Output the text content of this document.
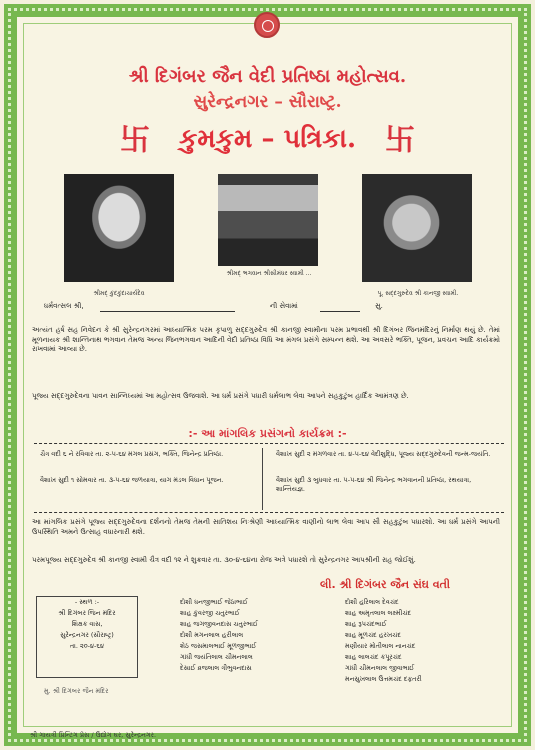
શ્રી દિગંબર જૈન વેદી પ્રતિષ્ઠા મહોત્સવ.
સુરેન્દ્રનગર – સૌરાષ્ટ્ર.
કુમકુમ – પત્રિકા.
卐	卐
શ્રીમદ્ કુંદકુંદાચાર્યદેવ
શ્રીમદ્ ભગવાન શ્રીસીમંધર સ્વામી ...
પૂ. સદ્દગુરુદેવ શ્રી કાનજી સ્વામી.
ધર્મવત્સલ શ્રી,	ની સેવામાં	સુ.
અત્યંત હર્ષ સહ નિવેદન કે શ્રી સુરેન્દ્રનગરમાં આધ્યાત્મિક પરમ કૃપાળુ સદ્દગુરુદેવ શ્રી કાનજી સ્વામીના પરમ પ્રભાવથી શ્રી દિગંબર જિનમંદિરનું નિર્માણ થયું છે. તેમાં મૂળનાયક શ્રી શાન્તિનાથ ભગવાન તેમજ અન્ય જિનભગવાન આદિની વેદી પ્રતિષ્ઠા વિધિ આ મંગલ પ્રસંગે સમ્પન્ન થશે. આ અવસરે ભક્તિ, પૂજન, પ્રવચન આદિ કાર્યક્રમો રાખવામાં આવ્યા છે.
પૂજ્ય સદ્દગુરુદેવના પાવન સાન્નિધ્યમાં આ મહોત્સવ ઉજવાશે. આ ધર્મ પ્રસંગે પધારી ધર્મલાભ લેવા આપને સહકુટુંબ હાર્દિક આમંત્રણ છે.
:- આ માંગલિક પ્રસંગનો કાર્યક્રમ :-
ચૈત્ર વદી ૬ ને રવિવાર તા. ૨-૫-૬૪ મંગલ પ્રસંગ, ભક્તિ, જિનેન્દ્ર પ્રતિષ્ઠા.
વૈશાખ સુદી ૧ સોમવાર તા. ૩-૫-૬૪ જળયાત્રા, યાગ મંડલ વિધાન પૂજન.
વૈશાખ સુદી ૨ મંગળવાર તા. ૪-૫-૬૪ વેદીશુદ્ધિ, પૂજ્ય સદ્દગુરુદેવની જન્મ-જયંતિ.
વૈશાખ સુદી ૩ બુધવાર તા. ૫-૫-૬૪ શ્રી જિનેન્દ્ર ભગવાનની પ્રતિષ્ઠા, રથયાત્રા, શાન્તિયજ્ઞ.
આ માંગલિક પ્રસંગે પૂજ્ય સદ્દગુરુદેવના દર્શનનો તેમજ તેમની સાતિશય નિઃશ્રેણી આધ્યાત્મિક વાણીનો લાભ લેવા આપ સૌ સહકુટુંબ પધારશો. આ ધર્મ પ્રસંગે આપની ઉપસ્થિતિ અમને ઉત્સાહ વધારનારી થશે.
પરમપૂજ્ય સદ્દગુરુદેવ શ્રી કાનજી સ્વામી ચૈત્ર વદી ૧૨ ને શુક્રવાર તા. ૩૦-૪-૬૪ના રોજ અત્રે પધારશે તો સુરેન્દ્રનગર આપશ્રીની રાહ જોઈશું.
લી. શ્રી દિગંબર જૈન સંઘ વતી
- સ્થળ :-
શ્રી દિગંબર જિન મંદિર
શિક્ષક વાસ,
સુરેન્દ્રનગર (સૌરાષ્ટ્ર)
તા. ૨૦-૪-૬૪
દોશી ધનજીભાઈ જેઠાભાઈ
શાહ કુંવરજી ચતુરભાઈ
શાહ જગજીવનદાસ ચતુરભાઈ
દોશી મગનલાલ હરીલાલ
શેઠ જસમાલભાઈ મૂળજીભાઈ
ગાંધી જયંતિલાલ ચીમનલાલ
દેસાઈ વ્રજલાલ ત્રીભુવનદાસ
દોશી હરિલાલ દેવચંદ
શાહ અમૃતલાલ લક્ષ્મીચંદ
શાહ રૂપચંદભાઈ
શાહ મૂળચંદ હરખચંદ
મણીયાર મોતીલાલ નાનચંદ
શાહ લાલચંદ કપૂરચંદ
ગાંધી ચીમનલાલ જીવાભાઈ
મનસુખલાલ ઉત્તમચંદ દફતરી
મુ. શ્રી દિગંબર જૈન મંદિર
શ્રી ગાયત્રી પ્રિન્ટિંગ પ્રેસ / ઉદ્યોગ ઘર, સુરેન્દ્રનગર.
